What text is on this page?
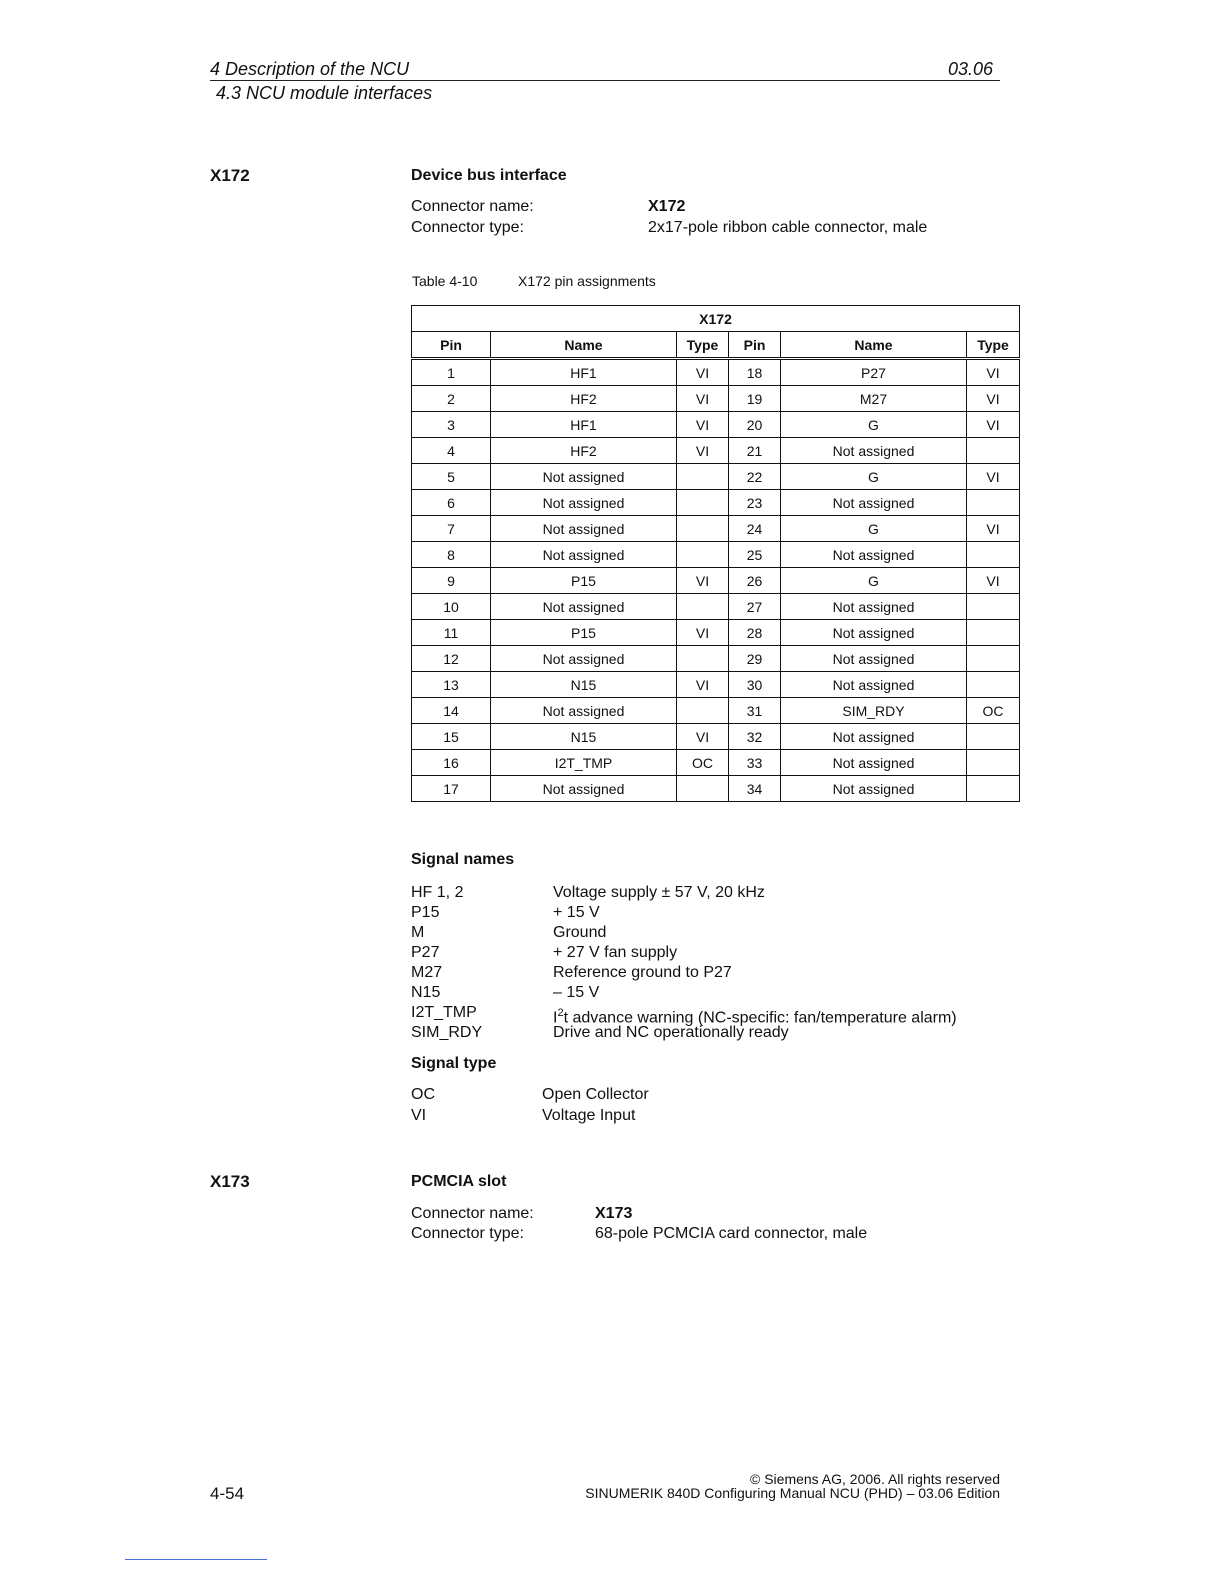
4 Description of the NCU	03.06
4.3 NCU module interfaces
X172	Device bus interface
Connector name:	X172
Connector type:	2x17-pole ribbon cable connector, male
Table 4-10	X172 pin assignments
X172					
Pin	Name	Type	Pin	Name	Type
1	HF1	VI	18	P27	VI
2	HF2	VI	19	M27	VI
3	HF1	VI	20	G	VI
4	HF2	VI	21	Not assigned	
5	Not assigned		22	G	VI
6	Not assigned		23	Not assigned	
7	Not assigned		24	G	VI
8	Not assigned		25	Not assigned	
9	P15	VI	26	G	VI
10	Not assigned		27	Not assigned	
11	P15	VI	28	Not assigned	
12	Not assigned		29	Not assigned	
13	N15	VI	30	Not assigned	
14	Not assigned		31	SIM_RDY	OC
15	N15	VI	32	Not assigned	
16	I2T_TMP	OC	33	Not assigned	
17	Not assigned		34	Not assigned	
Signal names
HF 1, 2	Voltage supply ± 57 V, 20 kHz
P15	+ 15 V
M	Ground
P27	+ 27 V fan supply
M27	Reference ground to P27
N15	– 15 V
I2T_TMP	$I^2t$ advance warning (NC-specific: fan/temperature alarm)
SIM_RDY	Drive and NC operationally ready
Signal type
OC	Open Collector
VI	Voltage Input
X173	PCMCIA slot
Connector name:	X173
Connector type:	68-pole PCMCIA card connector, male
4-54
© Siemens AG, 2006. All rights reserved
SINUMERIK 840D Configuring Manual NCU (PHD) – 03.06 Edition
